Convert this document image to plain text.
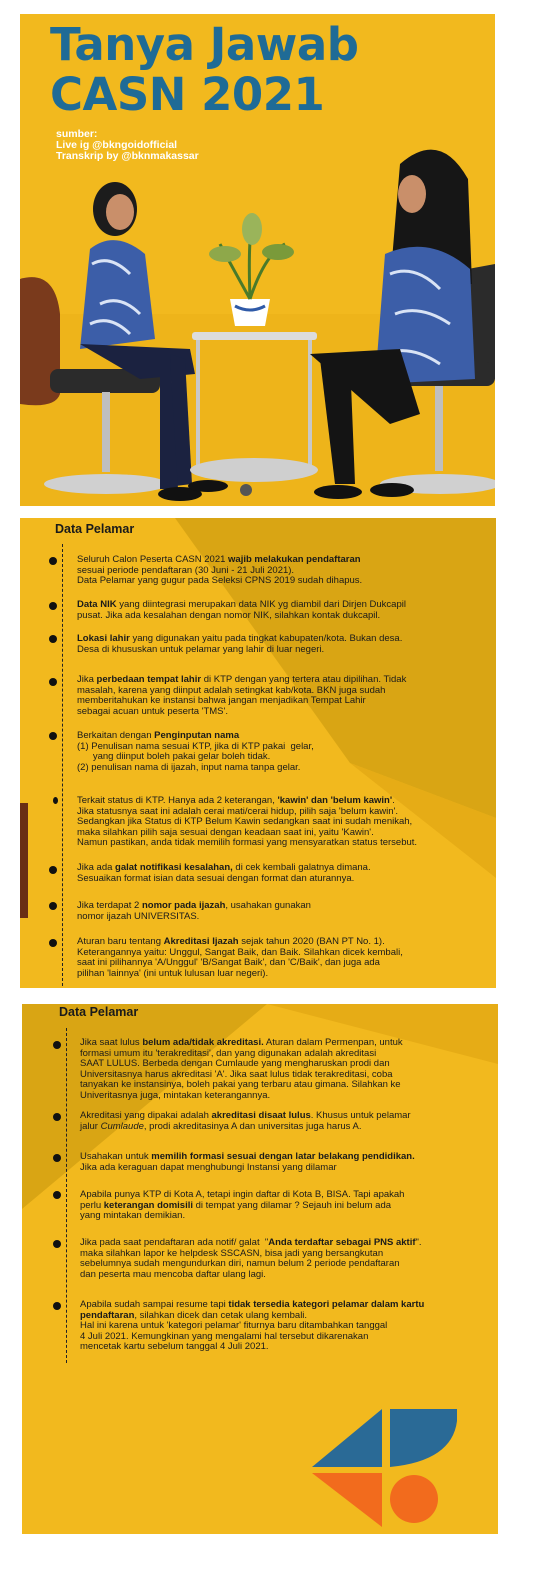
Tanya Jawab
CASN 2021
sumber:
Live ig @bkngoidofficial
Transkrip by @bknmakassar
Data Pelamar
Seluruh Calon Peserta CASN 2021 wajib melakukan pendaftaran
sesuai periode pendaftaran (30 Juni - 21 Juli 2021).
Data Pelamar yang gugur pada Seleksi CPNS 2019 sudah dihapus.
Data NIK yang diintegrasi merupakan data NIK yg diambil dari Dirjen Dukcapil
pusat. Jika ada kesalahan dengan nomor NIK, silahkan kontak dukcapil.
Lokasi lahir yang digunakan yaitu pada tingkat kabupaten/kota. Bukan desa.
Desa di khususkan untuk pelamar yang lahir di luar negeri.
Jika perbedaan tempat lahir di KTP dengan yang tertera atau dipilihan. Tidak
masalah, karena yang diinput adalah setingkat kab/kota. BKN juga sudah
memberitahukan ke instansi bahwa jangan menjadikan Tempat Lahir
sebagai acuan untuk peserta 'TMS'.
Berkaitan dengan Penginputan nama
(1) Penulisan nama sesuai KTP, jika di KTP pakai  gelar,
yang diinput boleh pakai gelar boleh tidak.
(2) penulisan nama di ijazah, input nama tanpa gelar.
Terkait status di KTP. Hanya ada 2 keterangan, 'kawin' dan 'belum kawin'.
Jika statusnya saat ini adalah cerai mati/cerai hidup, pilih saja 'belum kawin'.
Sedangkan jika Status di KTP Belum Kawin sedangkan saat ini sudah menikah,
maka silahkan pilih saja sesuai dengan keadaan saat ini, yaitu 'Kawin'.
Namun pastikan, anda tidak memilih formasi yang mensyaratkan status tersebut.
Jika ada galat notifikasi kesalahan, di cek kembali galatnya dimana.
Sesuaikan format isian data sesuai dengan format dan aturannya.
Jika terdapat 2 nomor pada ijazah, usahakan gunakan
nomor ijazah UNIVERSITAS.
Aturan baru tentang Akreditasi Ijazah sejak tahun 2020 (BAN PT No. 1).
Keterangannya yaitu: Unggul, Sangat Baik, dan Baik. Silahkan dicek kembali,
saat ini pilihannya 'A/Unggul' 'B/Sangat Baik', dan 'C/Baik', dan juga ada
pilihan 'lainnya' (ini untuk lulusan luar negeri).
Data Pelamar
Jika saat lulus belum ada/tidak akreditasi. Aturan dalam Permenpan, untuk
formasi umum itu 'terakreditasi', dan yang digunakan adalah akreditasi
SAAT LULUS. Berbeda dengan Cumlaude yang mengharuskan prodi dan
Universitasnya harus akreditasi 'A'. Jika saat lulus tidak terakreditasi, coba
tanyakan ke instansinya, boleh pakai yang terbaru atau gimana. Silahkan ke
Univeritasnya juga, mintakan keterangannya.
Akreditasi yang dipakai adalah akreditasi disaat lulus. Khusus untuk pelamar
jalur Cumlaude, prodi akreditasinya A dan universitas juga harus A.
Usahakan untuk memilih formasi sesuai dengan latar belakang pendidikan.
Jika ada keraguan dapat menghubungi Instansi yang dilamar
Apabila punya KTP di Kota A, tetapi ingin daftar di Kota B, BISA. Tapi apakah
perlu keterangan domisili di tempat yang dilamar ? Sejauh ini belum ada
yang mintakan demikian.
Jika pada saat pendaftaran ada notif/ galat  "Anda terdaftar sebagai PNS aktif".
maka silahkan lapor ke helpdesk SSCASN, bisa jadi yang bersangkutan
sebelumnya sudah mengundurkan diri, namun belum 2 periode pendaftaran
dan peserta mau mencoba daftar ulang lagi.
Apabila sudah sampai resume tapi tidak tersedia kategori pelamar dalam kartu
pendaftaran, silahkan dicek dan cetak ulang kembali.
Hal ini karena untuk 'kategori pelamar' fiturnya baru ditambahkan tanggal
4 Juli 2021. Kemungkinan yang mengalami hal tersebut dikarenakan
mencetak kartu sebelum tanggal 4 Juli 2021.
